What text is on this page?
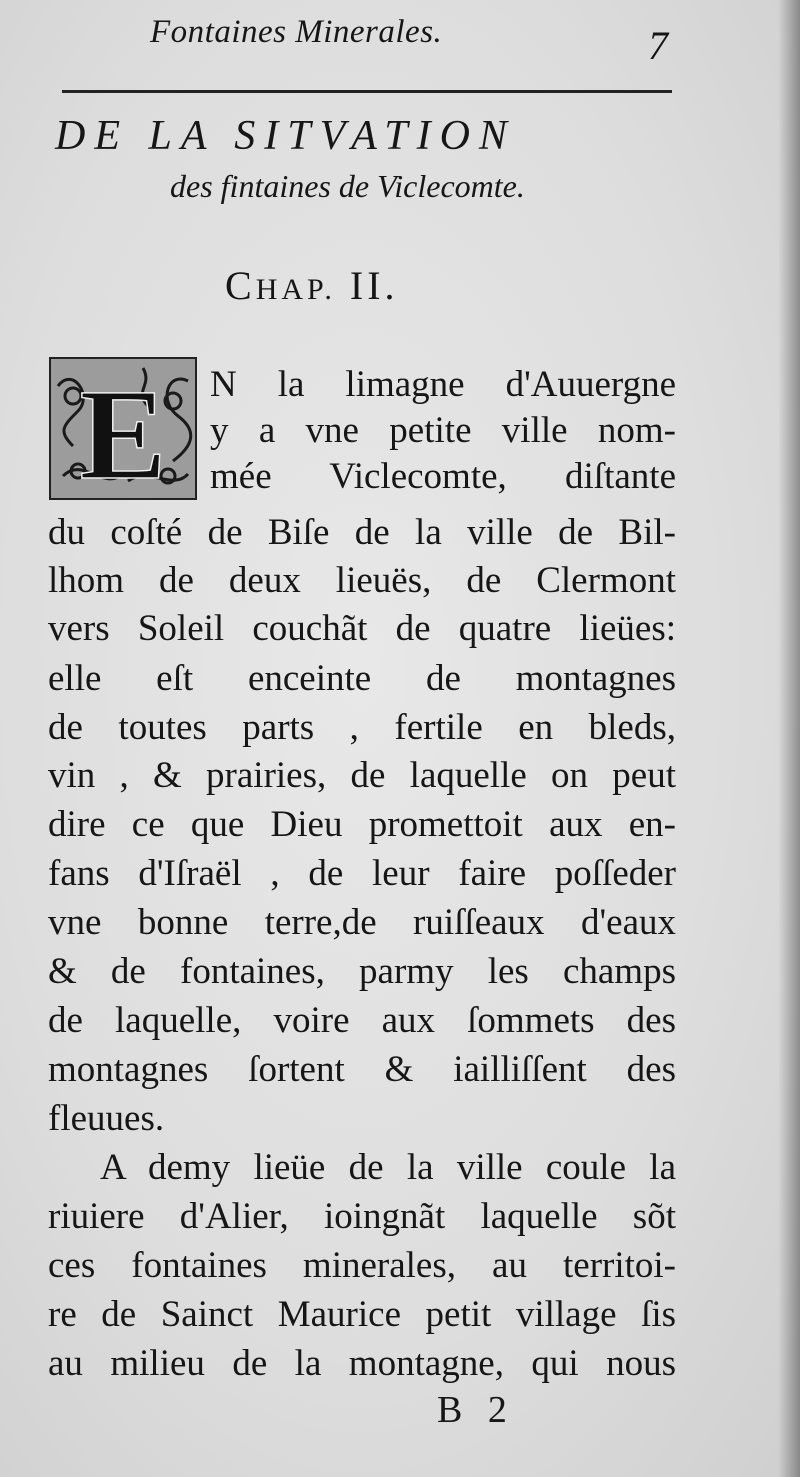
Fontaines Minerales.	7
DE LA SITVATION
des fintaines de Viclecomte.
CHAP. II.
E N la limagne d'Auuergne
y a vne petite ville nom-
mée Viclecomte, diſtante
du coſté de Biſe de la ville de Bil-
lhom de deux lieuës, de Clermont
vers Soleil couchãt de quatre lieües:
elle eſt enceinte de montagnes
de toutes parts , fertile en bleds,
vin , & prairies, de laquelle on peut
dire ce que Dieu promettoit aux en-
fans d'Iſraël , de leur faire poſſeder
vne bonne terre,de ruiſſeaux d'eaux
& de fontaines, parmy les champs
de laquelle, voire aux ſommets des
montagnes ſortent & iailliſſent des
fleuues.
A demy lieüe de la ville coule la
riuiere d'Alier, ioingnãt laquelle sõt
ces fontaines minerales, au territoi-
re de Sainct Maurice petit village ſis
au milieu de la montagne, qui nous
B 2
